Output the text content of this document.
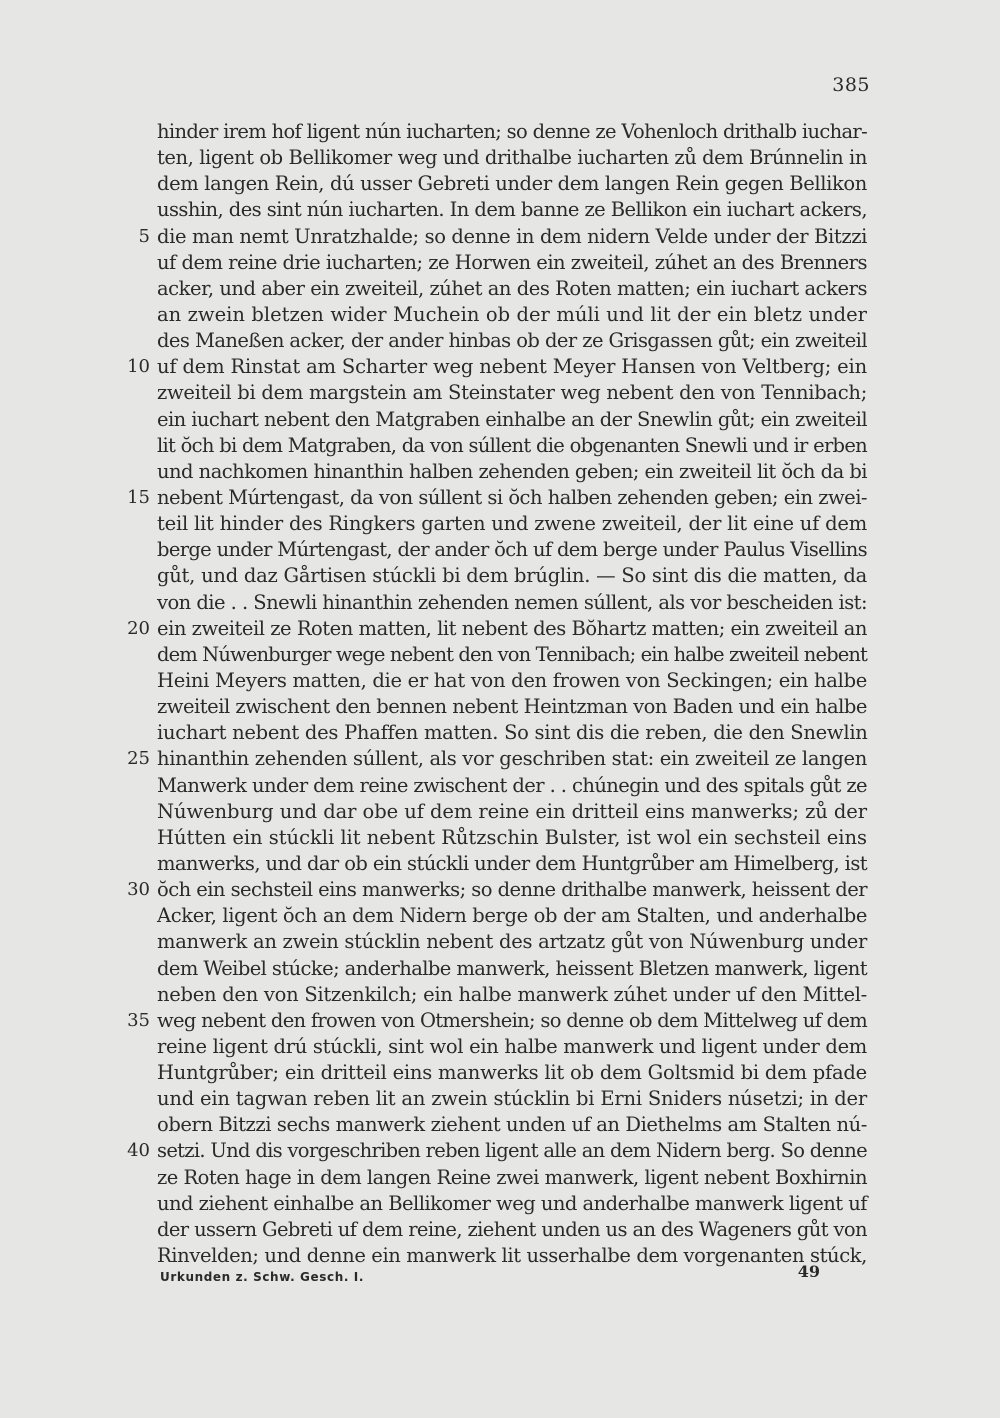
385
hinder irem hof ligent nún iucharten; so denne ze Vohenloch drithalb iuchar-
ten, ligent ob Bellikomer weg und drithalbe iucharten zů dem Brúnnelin in
dem langen Rein, dú usser Gebreti under dem langen Rein gegen Bellikon
usshin, des sint nún iucharten. In dem banne ze Bellikon ein iuchart ackers,
5 die man nemt Unratzhalde; so denne in dem nidern Velde under der Bitzzi
uf dem reine drie iucharten; ze Horwen ein zweiteil, zúhet an des Brenners
acker, und aber ein zweiteil, zúhet an des Roten matten; ein iuchart ackers
an zwein bletzen wider Muchein ob der múli und lit der ein bletz under
des Maneßen acker, der ander hinbas ob der ze Grisgassen gůt; ein zweiteil
10 uf dem Rinstat am Scharter weg nebent Meyer Hansen von Veltberg; ein
zweiteil bi dem margstein am Steinstater weg nebent den von Tennibach;
ein iuchart nebent den Matgraben einhalbe an der Snewlin gůt; ein zweiteil
lit ŏch bi dem Matgraben, da von súllent die obgenanten Snewli und ir erben
und nachkomen hinanthin halben zehenden geben; ein zweiteil lit ŏch da bi
15 nebent Múrtengast, da von súllent si ŏch halben zehenden geben; ein zwei-
teil lit hinder des Ringkers garten und zwene zweiteil, der lit eine uf dem
berge under Múrtengast, der ander ŏch uf dem berge under Paulus Visellins
gůt, und daz Gårtisen stúckli bi dem brúglin. — So sint dis die matten, da
von die . . Snewli hinanthin zehenden nemen súllent, als vor bescheiden ist:
20 ein zweiteil ze Roten matten, lit nebent des Bŏhartz matten; ein zweiteil an
dem Núwenburger wege nebent den von Tennibach; ein halbe zweiteil nebent
Heini Meyers matten, die er hat von den frowen von Seckingen; ein halbe
zweiteil zwischent den bennen nebent Heintzman von Baden und ein halbe
iuchart nebent des Phaffen matten. So sint dis die reben, die den Snewlin
25 hinanthin zehenden súllent, als vor geschriben stat: ein zweiteil ze langen
Manwerk under dem reine zwischent der . . chúnegin und des spitals gůt ze
Núwenburg und dar obe uf dem reine ein dritteil eins manwerks; zů der
Hútten ein stúckli lit nebent Růtzschin Bulster, ist wol ein sechsteil eins
manwerks, und dar ob ein stúckli under dem Huntgrůber am Himelberg, ist
30 ŏch ein sechsteil eins manwerks; so denne drithalbe manwerk, heissent der
Acker, ligent ŏch an dem Nidern berge ob der am Stalten, und anderhalbe
manwerk an zwein stúcklin nebent des artzatz gůt von Núwenburg under
dem Weibel stúcke; anderhalbe manwerk, heissent Bletzen manwerk, ligent
neben den von Sitzenkilch; ein halbe manwerk zúhet under uf den Mittel-
35 weg nebent den frowen von Otmershein; so denne ob dem Mittelweg uf dem
reine ligent drú stúckli, sint wol ein halbe manwerk und ligent under dem
Huntgrůber; ein dritteil eins manwerks lit ob dem Goltsmid bi dem pfade
und ein tagwan reben lit an zwein stúcklin bi Erni Sniders núsetzi; in der
obern Bitzzi sechs manwerk ziehent unden uf an Diethelms am Stalten nú-
40 setzi. Und dis vorgeschriben reben ligent alle an dem Nidern berg. So denne
ze Roten hage in dem langen Reine zwei manwerk, ligent nebent Boxhirnin
und ziehent einhalbe an Bellikomer weg und anderhalbe manwerk ligent uf
der ussern Gebreti uf dem reine, ziehent unden us an des Wageners gůt von
Rinvelden; und denne ein manwerk lit usserhalbe dem vorgenanten stúck,
Urkunden z. Schw. Gesch. I.	49
